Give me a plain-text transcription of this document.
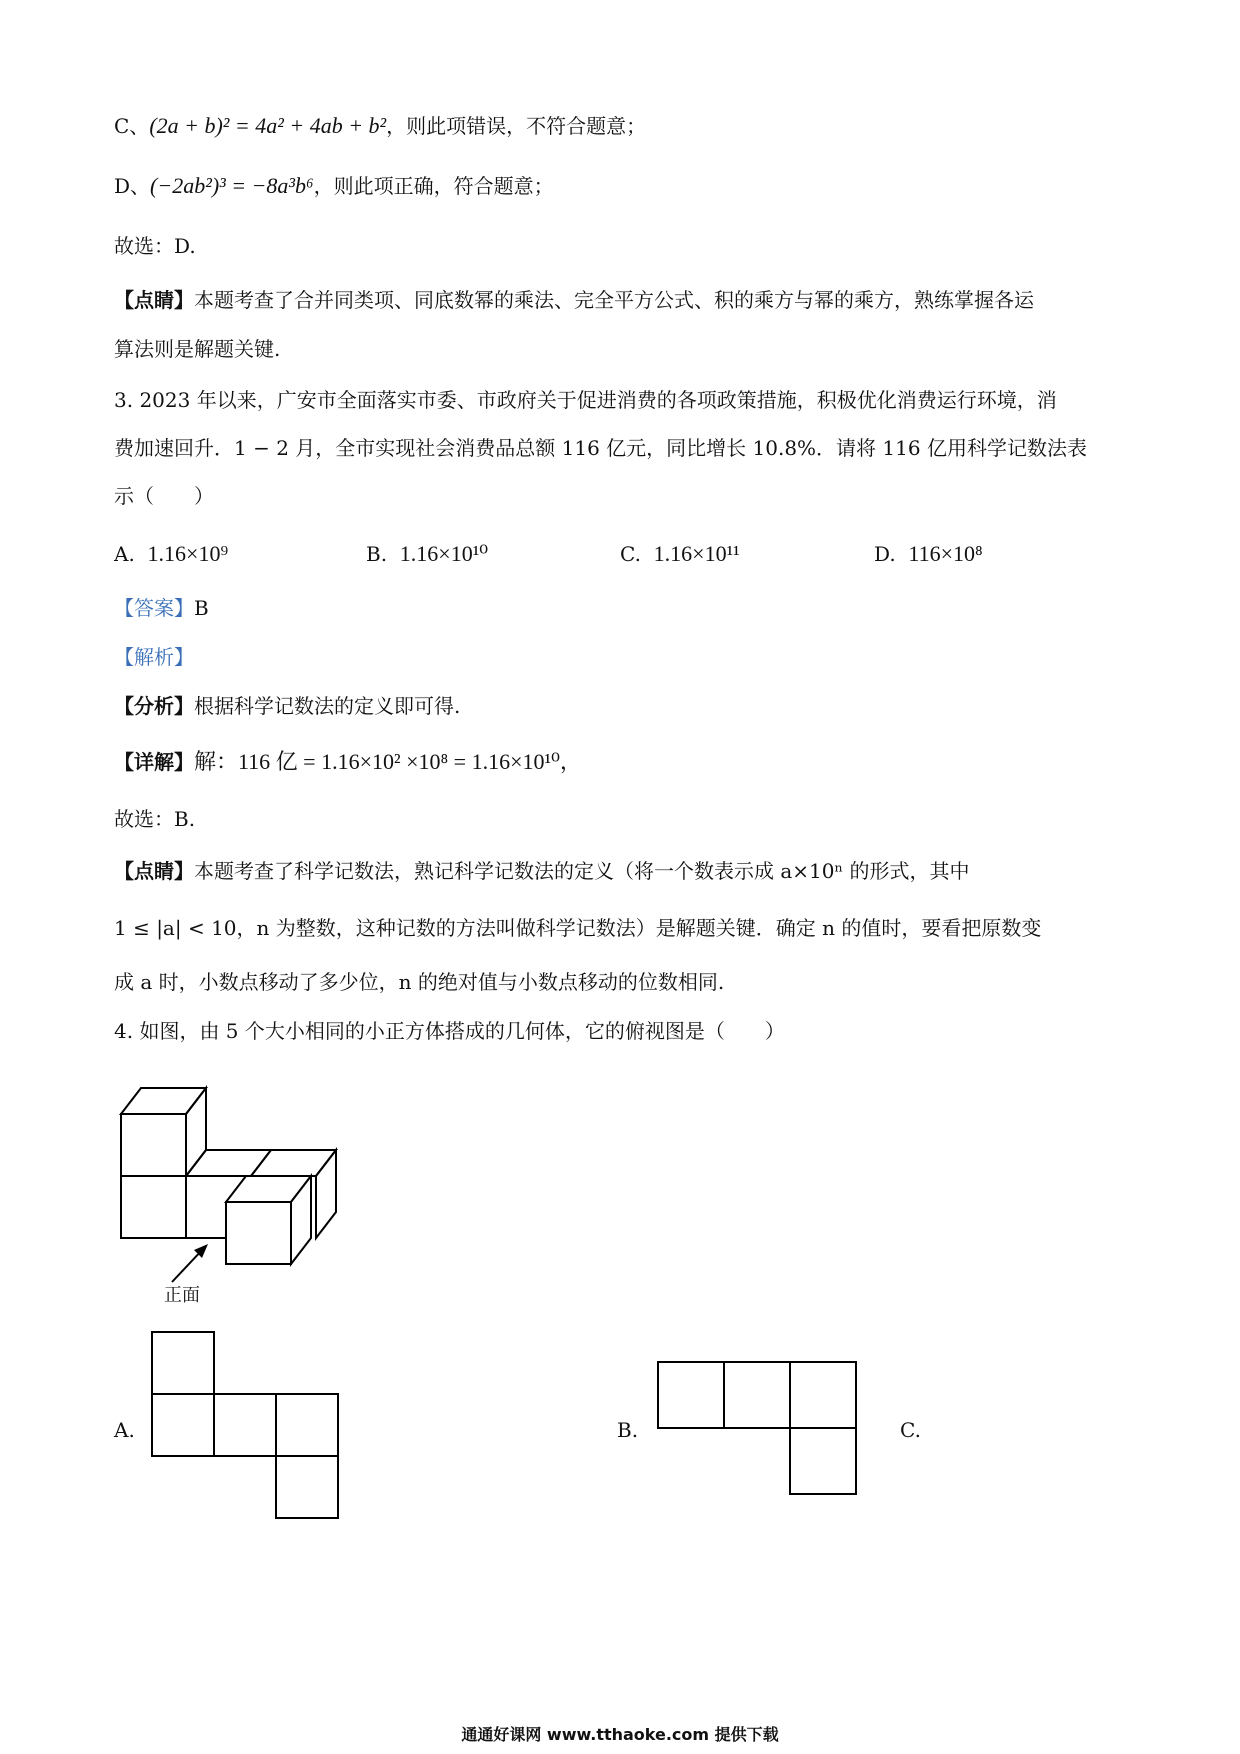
C、(2a + b)² = 4a² + 4ab + b²，则此项错误，不符合题意；
D、(−2ab²)³ = −8a³b⁶，则此项正确，符合题意；
故选：D.
【点睛】本题考查了合并同类项、同底数幂的乘法、完全平方公式、积的乘方与幂的乘方，熟练掌握各运
算法则是解题关键.
3. 2023 年以来，广安市全面落实市委、市政府关于促进消费的各项政策措施，积极优化消费运行环境，消
费加速回升．1 − 2 月，全市实现社会消费品总额 116 亿元，同比增长 10.8%．请将 116 亿用科学记数法表
示（　　）
A. 1.16×10⁹	B. 1.16×10¹⁰	C. 1.16×10¹¹	D. 116×10⁸
【答案】B
【解析】
【分析】根据科学记数法的定义即可得.
【详解】解：116 亿 = 1.16×10² ×10⁸ = 1.16×10¹⁰，
故选：B.
【点睛】本题考查了科学记数法，熟记科学记数法的定义（将一个数表示成 a×10ⁿ 的形式，其中
1 ≤ |a| < 10，n 为整数，这种记数的方法叫做科学记数法）是解题关键．确定 n 的值时，要看把原数变
成 a 时，小数点移动了多少位，n 的绝对值与小数点移动的位数相同.
4. 如图，由 5 个大小相同的小正方体搭成的几何体，它的俯视图是（　　）
正面
A.	B.	C.
通通好课网 www.tthaoke.com 提供下载
